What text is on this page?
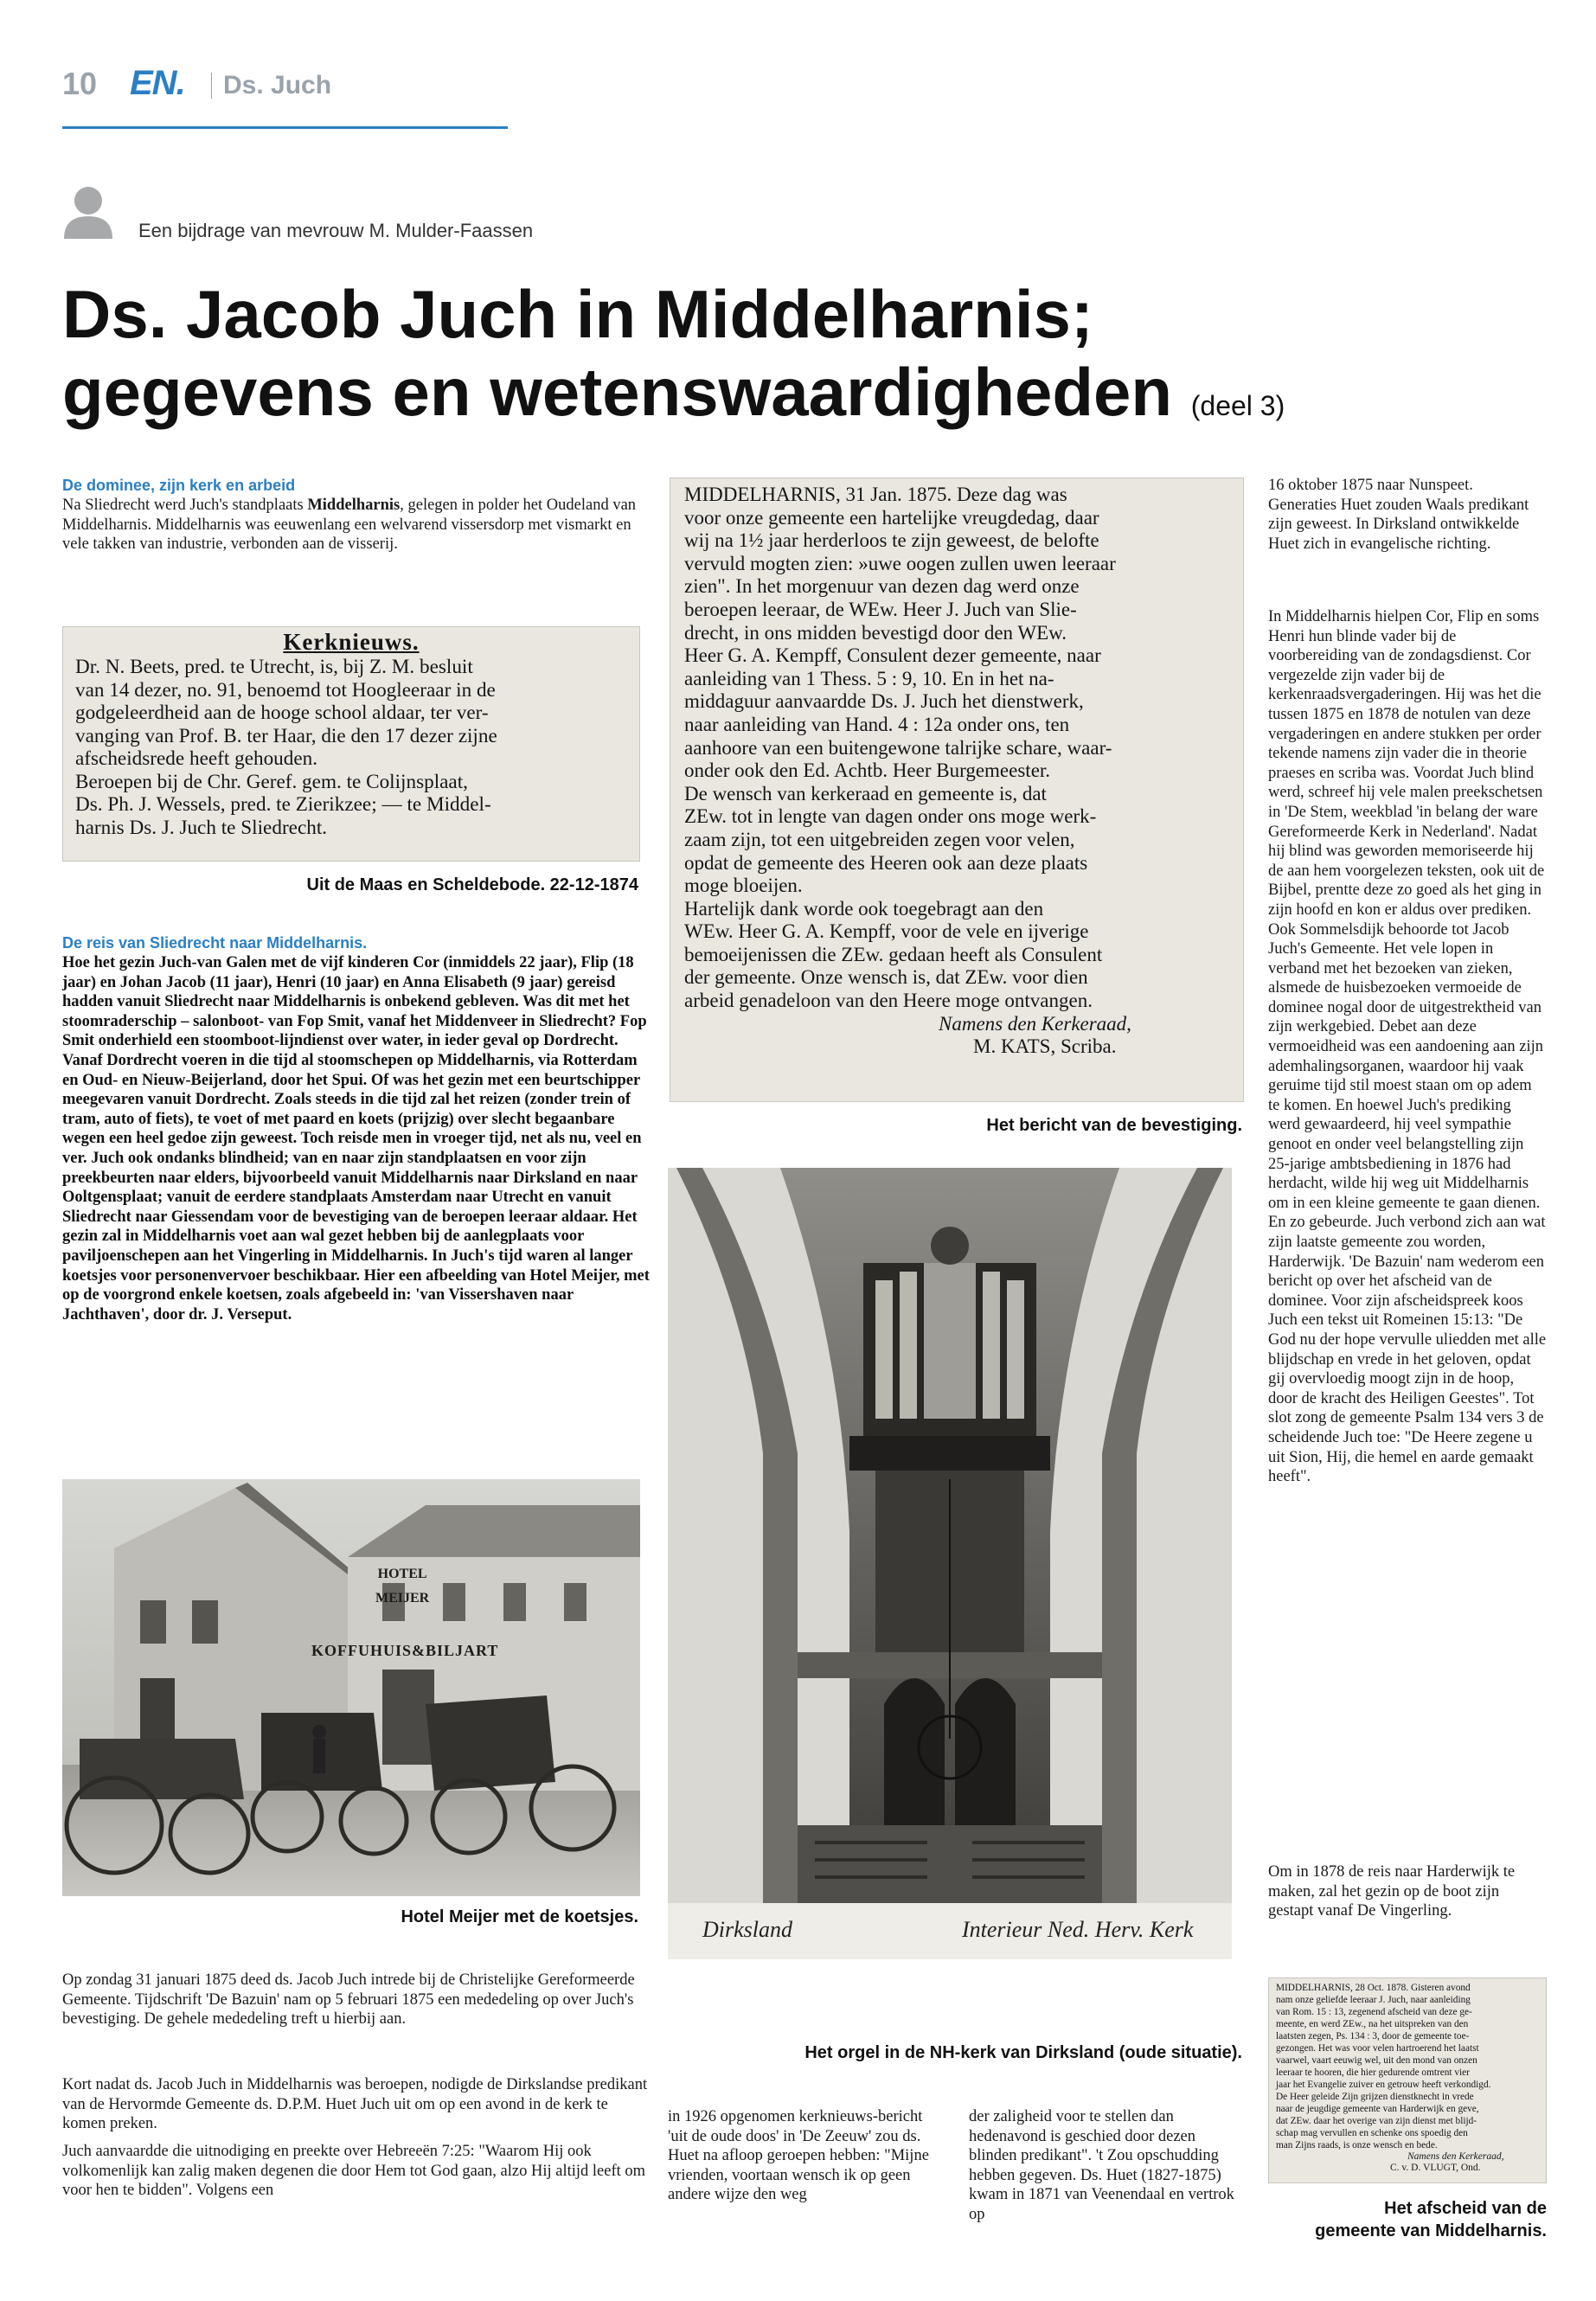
10 EN. Ds. Juch
Een bijdrage van mevrouw M. Mulder-Faassen
Ds. Jacob Juch in Middelharnis;
gegevens en wetenswaardigheden (deel 3)
De dominee, zijn kerk en arbeid
Na Sliedrecht werd Juch's standplaats Middelharnis, gelegen in polder het Oudeland van Middelharnis. Middelharnis was eeuwenlang een welvarend vissersdorp met vismarkt en vele takken van industrie, verbonden aan de visserij.
Kerknieuws.
Dr. N. Beets, pred. te Utrecht, is, bij Z. M. besluit
van 14 dezer, no. 91, benoemd tot Hoogleeraar in de
godgeleerdheid aan de hooge school aldaar, ter ver-
vanging van Prof. B. ter Haar, die den 17 dezer zijne
afscheidsrede heeft gehouden.
Beroepen bij de Chr. Geref. gem. te Colijnsplaat,
Ds. Ph. J. Wessels, pred. te Zierikzee; — te Middel-
harnis Ds. J. Juch te Sliedrecht.
Uit de Maas en Scheldebode. 22-12-1874
De reis van Sliedrecht naar Middelharnis.
Hoe het gezin Juch-van Galen met de vijf kinderen Cor (inmiddels 22 jaar), Flip (18 jaar) en Johan Jacob (11 jaar), Henri (10 jaar) en Anna Elisabeth (9 jaar) gereisd hadden vanuit Sliedrecht naar Middelharnis is onbekend gebleven. Was dit met het stoomraderschip – salonboot- van Fop Smit, vanaf het Middenveer in Sliedrecht? Fop Smit onderhield een stoomboot-lijndienst over water, in ieder geval op Dordrecht. Vanaf Dordrecht voeren in die tijd al stoomschepen op Middelharnis, via Rotterdam en Oud- en Nieuw-Beijerland, door het Spui. Of was het gezin met een beurtschipper meegevaren vanuit Dordrecht. Zoals steeds in die tijd zal het reizen (zonder trein of tram, auto of fiets), te voet of met paard en koets (prijzig) over slecht begaanbare wegen een heel gedoe zijn geweest. Toch reisde men in vroeger tijd, net als nu, veel en ver. Juch ook ondanks blindheid; van en naar zijn standplaatsen en voor zijn preekbeurten naar elders, bijvoorbeeld vanuit Middelharnis naar Dirksland en naar Ooltgensplaat; vanuit de eerdere standplaats Amsterdam naar Utrecht en vanuit Sliedrecht naar Giessendam voor de bevestiging van de beroepen leeraar aldaar. Het gezin zal in Middelharnis voet aan wal gezet hebben bij de aanlegplaats voor paviljoenschepen aan het Vingerling in Middelharnis. In Juch's tijd waren al langer koetsjes voor personenvervoer beschikbaar. Hier een afbeelding van Hotel Meijer, met op de voorgrond enkele koetsen, zoals afgebeeld in: 'van Vissershaven naar Jachthaven', door dr. J. Verseput.
HOTEL
MEIJER
KOFFUHUIS&BILJART
Hotel Meijer met de koetsjes.
Op zondag 31 januari 1875 deed ds. Jacob Juch intrede bij de Christelijke Gereformeerde Gemeente. Tijdschrift 'De Bazuin' nam op 5 februari 1875 een mededeling op over Juch's bevestiging. De gehele mededeling treft u hierbij aan.
Kort nadat ds. Jacob Juch in Middelharnis was beroepen, nodigde de Dirkslandse predikant van de Hervormde Gemeente ds. D.P.M. Huet Juch uit om op een avond in de kerk te komen preken.
Juch aanvaardde die uitnodiging en preekte over Hebreeën 7:25: "Waarom Hij ook volkomenlijk kan zalig maken degenen die door Hem tot God gaan, alzo Hij altijd leeft om voor hen te bidden". Volgens een
MIDDELHARNIS, 31 Jan. 1875. Deze dag was
voor onze gemeente een hartelijke vreugdedag, daar
wij na 1½ jaar herderloos te zijn geweest, de belofte
vervuld mogten zien: »uwe oogen zullen uwen leeraar
zien". In het morgenuur van dezen dag werd onze
beroepen leeraar, de WEw. Heer J. Juch van Slie-
drecht, in ons midden bevestigd door den WEw.
Heer G. A. Kempff, Consulent dezer gemeente, naar
aanleiding van 1 Thess. 5 : 9, 10. En in het na-
middaguur aanvaardde Ds. J. Juch het dienstwerk,
naar aanleiding van Hand. 4 : 12a onder ons, ten
aanhoore van een buitengewone talrijke schare, waar-
onder ook den Ed. Achtb. Heer Burgemeester.
De wensch van kerkeraad en gemeente is, dat
ZEw. tot in lengte van dagen onder ons moge werk-
zaam zijn, tot een uitgebreiden zegen voor velen,
opdat de gemeente des Heeren ook aan deze plaats
moge bloeijen.
Hartelijk dank worde ook toegebragt aan den
WEw. Heer G. A. Kempff, voor de vele en ijverige
bemoeijenissen die ZEw. gedaan heeft als Consulent
der gemeente. Onze wensch is, dat ZEw. voor dien
arbeid genadeloon van den Heere moge ontvangen.
Namens den Kerkeraad,
M. KATS, Scriba.
Het bericht van de bevestiging.
Dirksland	Interieur Ned. Herv. Kerk
Het orgel in de NH-kerk van Dirksland (oude situatie).
in 1926 opgenomen kerknieuws-bericht 'uit de oude doos' in 'De Zeeuw' zou ds. Huet na afloop geroepen hebben: "Mijne vrienden, voortaan wensch ik op geen andere wijze den weg
der zaligheid voor te stellen dan hedenavond is geschied door dezen blinden predikant". 't Zou opschudding hebben gegeven. Ds. Huet (1827-1875) kwam in 1871 van Veenendaal en vertrok op
16 oktober 1875 naar Nunspeet. Generaties Huet zouden Waals predikant zijn geweest. In Dirksland ontwikkelde Huet zich in evangelische richting.
In Middelharnis hielpen Cor, Flip en soms Henri hun blinde vader bij de voorbereiding van de zondagsdienst. Cor vergezelde zijn vader bij de kerkenraadsvergaderingen. Hij was het die tussen 1875 en 1878 de notulen van deze vergaderingen en andere stukken per order tekende namens zijn vader die in theorie praeses en scriba was. Voordat Juch blind werd, schreef hij vele malen preekschetsen in 'De Stem, weekblad 'in belang der ware Gereformeerde Kerk in Nederland'. Nadat hij blind was geworden memoriseerde hij de aan hem voorgelezen teksten, ook uit de Bijbel, prentte deze zo goed als het ging in zijn hoofd en kon er aldus over prediken. Ook Sommelsdijk behoorde tot Jacob Juch's Gemeente. Het vele lopen in verband met het bezoeken van zieken, alsmede de huisbezoeken vermoeide de dominee nogal door de uitgestrektheid van zijn werkgebied. Debet aan deze vermoeidheid was een aandoening aan zijn ademhalingsorganen, waardoor hij vaak geruime tijd stil moest staan om op adem te komen. En hoewel Juch's prediking werd gewaardeerd, hij veel sympathie genoot en onder veel belangstelling zijn 25-jarige ambtsbediening in 1876 had herdacht, wilde hij weg uit Middelharnis om in een kleine gemeente te gaan dienen. En zo gebeurde. Juch verbond zich aan wat zijn laatste gemeente zou worden, Harderwijk. 'De Bazuin' nam wederom een bericht op over het afscheid van de dominee. Voor zijn afscheidspreek koos Juch een tekst uit Romeinen 15:13: "De God nu der hope vervulle uliedden met alle blijdschap en vrede in het geloven, opdat gij overvloedig moogt zijn in de hoop, door de kracht des Heiligen Geestes". Tot slot zong de gemeente Psalm 134 vers 3 de scheidende Juch toe: "De Heere zegene u uit Sion, Hij, die hemel en aarde gemaakt heeft".
Om in 1878 de reis naar Harderwijk te maken, zal het gezin op de boot zijn gestapt vanaf De Vingerling.
MIDDELHARNIS, 28 Oct. 1878. Gisteren avond
nam onze geliefde leeraar J. Juch, naar aanleiding
van Rom. 15 : 13, zegenend afscheid van deze ge-
meente, en werd ZEw., na het uitspreken van den
laatsten zegen, Ps. 134 : 3, door de gemeente toe-
gezongen. Het was voor velen hartroerend het laatst
vaarwel, vaart eeuwig wel, uit den mond van onzen
leeraar te hooren, die hier gedurende omtrent vier
jaar het Evangelie zuiver en getrouw heeft verkondigd.
De Heer geleide Zijn grijzen dienstknecht in vrede
naar de jeugdige gemeente van Harderwijk en geve,
dat ZEw. daar het overige van zijn dienst met blijd-
schap mag vervullen en schenke ons spoedig den
man Zijns raads, is onze wensch en bede.
Namens den Kerkeraad,
C. v. D. VLUGT, Ond.
Het afscheid van de
gemeente van Middelharnis.
